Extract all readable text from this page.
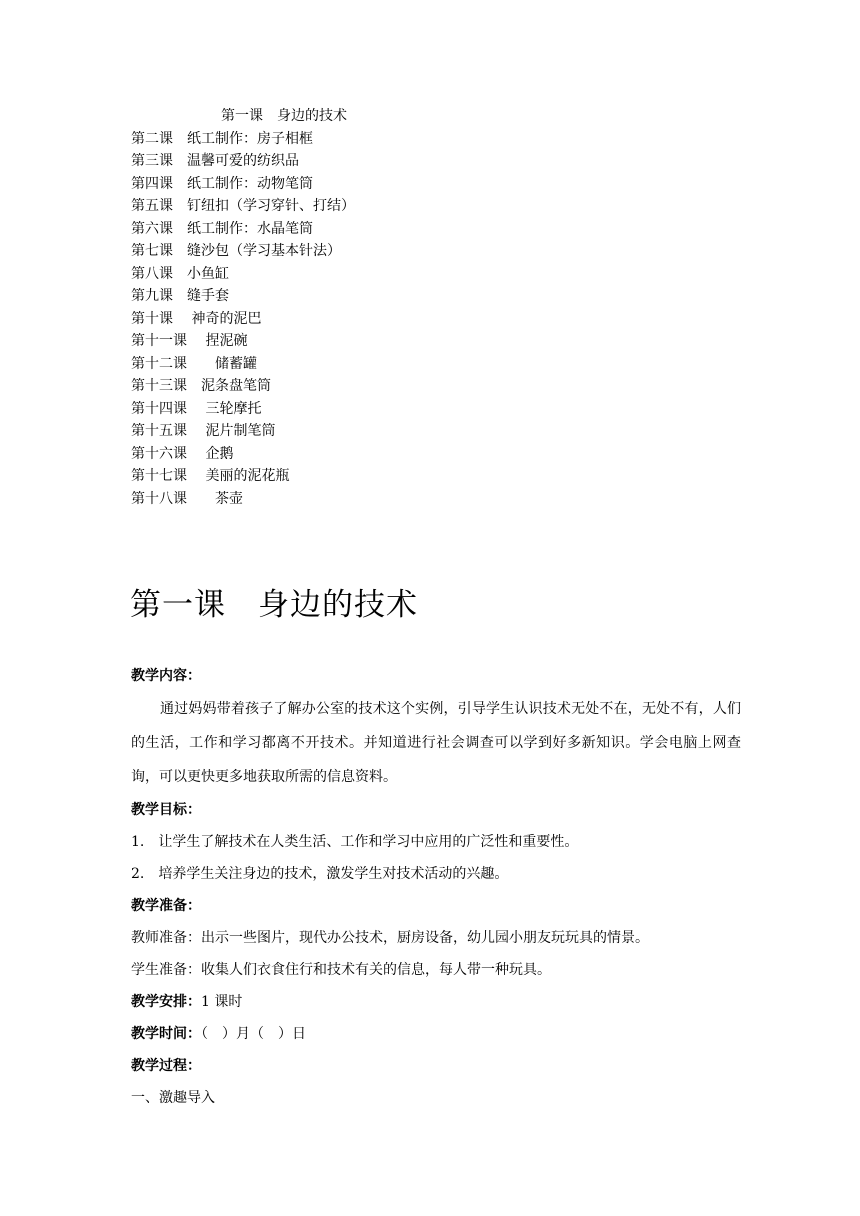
第一课　身边的技术
第二课　纸工制作：房子相框
第三课　温馨可爱的纺织品
第四课　纸工制作：动物笔筒
第五课　钉纽扣（学习穿针、打结）
第六课　纸工制作：水晶笔筒
第七课　缝沙包（学习基本针法）
第八课　小鱼缸
第九课　缝手套
第十课　 神奇的泥巴
第十一课　 捏泥碗
第十二课　　储蓄罐
第十三课　泥条盘笔筒
第十四课　 三轮摩托
第十五课　 泥片制笔筒
第十六课　 企鹅
第十七课　 美丽的泥花瓶
第十八课　　茶壶
第一课　身边的技术
教学内容：

通过妈妈带着孩子了解办公室的技术这个实例，引导学生认识技术无处不在，无处不有，人们的生活，工作和学习都离不开技术。并知道进行社会调查可以学到好多新知识。学会电脑上网查询，可以更快更多地获取所需的信息资料。

教学目标：
1.　让学生了解技术在人类生活、工作和学习中应用的广泛性和重要性。
2.　培养学生关注身边的技术，激发学生对技术活动的兴趣。
教学准备：
教师准备：出示一些图片，现代办公技术，厨房设备，幼儿园小朋友玩玩具的情景。
学生准备：收集人们衣食住行和技术有关的信息，每人带一种玩具。
教学安排：1 课时
教学时间：（　）月（　）日
教学过程：
一、激趣导入
